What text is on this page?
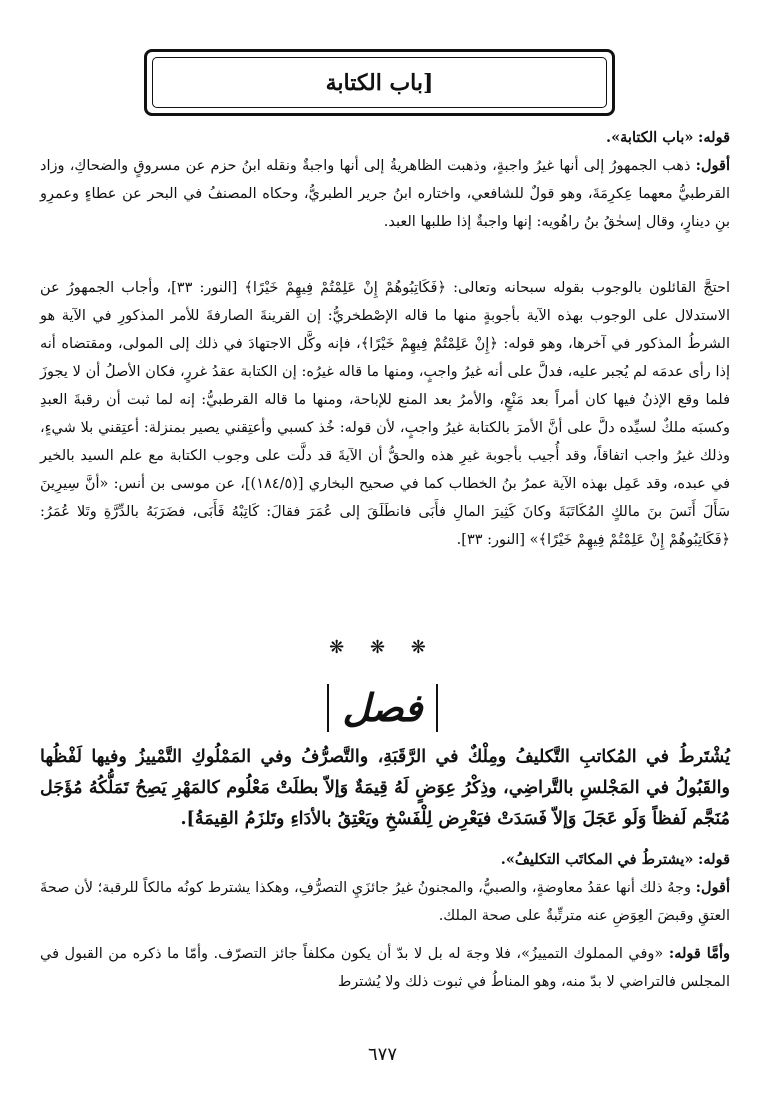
[باب الكتابة
قوله: «باب الكتابة».
أقول: ذهب الجمهورُ إلى أنها غيرُ واجبةٍ، وذهبت الظاهريةُ إلى أنها واجبةٌ ونقله ابنُ حزم عن مسروقٍ والضحاكِ، وزاد القرطبيُّ معهما عِكرِمَةَ، وهو قولٌ للشافعي، واختاره ابنُ جرير الطبريُّ، وحكاه المصنفُ في البحر عن عطاءٍ وعمرِو بنِ دينارٍ، وقال إسحٰقُ بنُ راهُويه: إنها واجبةٌ إذا طلبها العبد.
احتجَّ القائلون بالوجوب بقوله سبحانه وتعالى: ﴿فَكَاتِبُوهُمْ إِنْ عَلِمْتُمْ فِيهِمْ خَيْرًا﴾ [النور: ٣٣]، وأجاب الجمهورُ عن الاستدلال على الوجوب بهذه الآية بأجوبةٍ منها ما قاله الإصْطخريُّ: إن القرينةَ الصارفةَ للأمر المذكورِ في الآية هو الشرطُ المذكور في آخرها، وهو قوله: ﴿إِنْ عَلِمْتُمْ فِيهِمْ خَيْرًا﴾، فإنه وكَّل الاجتهادَ في ذلك إلى المولى، ومقتضاه أنه إذا رأى عدمَه لم يُجبر عليه، فدلَّ على أنه غيرُ واجبٍ، ومنها ما قاله غيرُه: إن الكتابة عقدُ غررٍ، فكان الأصلُ أن لا يجوزَ فلما وقع الإذنُ فيها كان أمراً بعد مَنْعٍ، والأمرُ بعد المنع للإباحة، ومنها ما قاله القرطبيُّ: إنه لما ثبت أن رقبةَ العبدِ وكسبَه ملكٌ لسيِّده دلَّ على أنَّ الأمرَ بالكتابة غيرُ واجبٍ، لأن قوله: خُذ كسبي وأعتِقني يصير بمنزلة: أعتِقني بلا شيءٍ، وذلك غيرُ واجب اتفاقاً، وقد أُجيب بأجوبة غيرِ هذه والحقُّ أن الآيةَ قد دلَّت على وجوب الكتابة مع علم السيد بالخير في عبده، وقد عَمِل بهذه الآية عمرُ بنُ الخطاب كما في صحيح البخاري [(١٨٤/٥)]، عن موسى بن أنس: «أنَّ سِيرِينَ سَأَلَ أَنَسَ بنَ مالكٍ المُكَاتَبَةَ وكانَ كَثِيرَ المالِ فأَبَى فانطَلَقَ إلى عُمَرَ فقالَ: كَاتِبْهُ فَأَبَى، فضَرَبَهُ بالدِّرَّةِ وتَلا عُمَرُ: ﴿فَكَاتِبُوهُمْ إِنْ عَلِمْتُمْ فِيهِمْ خَيْرًا﴾» [النور: ٣٣].
❋ ❋ ❋
فصل
يُشْتَرطُ في المُكاتبِ التَّكليفُ ومِلْكٌ في الرَّقَبَةِ، والتَّصرُّفُ وفي المَمْلُوكِ التَّمْييزُ وفيها لَفْظُها والقَبُولُ في المَجْلسِ بالتَّراضِي، وذِكْرُ عِوَضٍ لَهُ قِيمَةٌ وَإلاّ بطلَتْ مَعْلُوم كالمَهْرِ يَصِحُ تَمَلُّكُهُ مُؤَجَل مُنَجَّم لَفظاً وَلَو عَجَلَ وَإلاّ فَسَدَتْ فيَعْرِض لِلْفَسْخِ ويَعْتِقُ بالأدَاءِ وتَلزَمُ القِيمَةُ].
قوله: «يشترطُ في المكاتَب التكليفُ».
أقول: وجهُ ذلك أنها عقدُ معاوضةٍ، والصبيُّ، والمجنونُ غيرُ جائزَيِ التصرُّفِ، وهكذا يشترط كونُه مالكاً للرقبة؛ لأن صحةَ العتقِ وقبضَ العِوَضِ عنه مترتِّبةٌ على صحة الملك.
وأمَّا قوله: «وفي المملوك التمييزُ»، فلا وجهَ له بل لا بدّ أن يكون مكلفاً جائز التصرّف. وأمّا ما ذكره من القبول في المجلس فالتراضي لا بدّ منه، وهو المناطُ في ثبوت ذلك ولا يُشترط
٦٧٧
